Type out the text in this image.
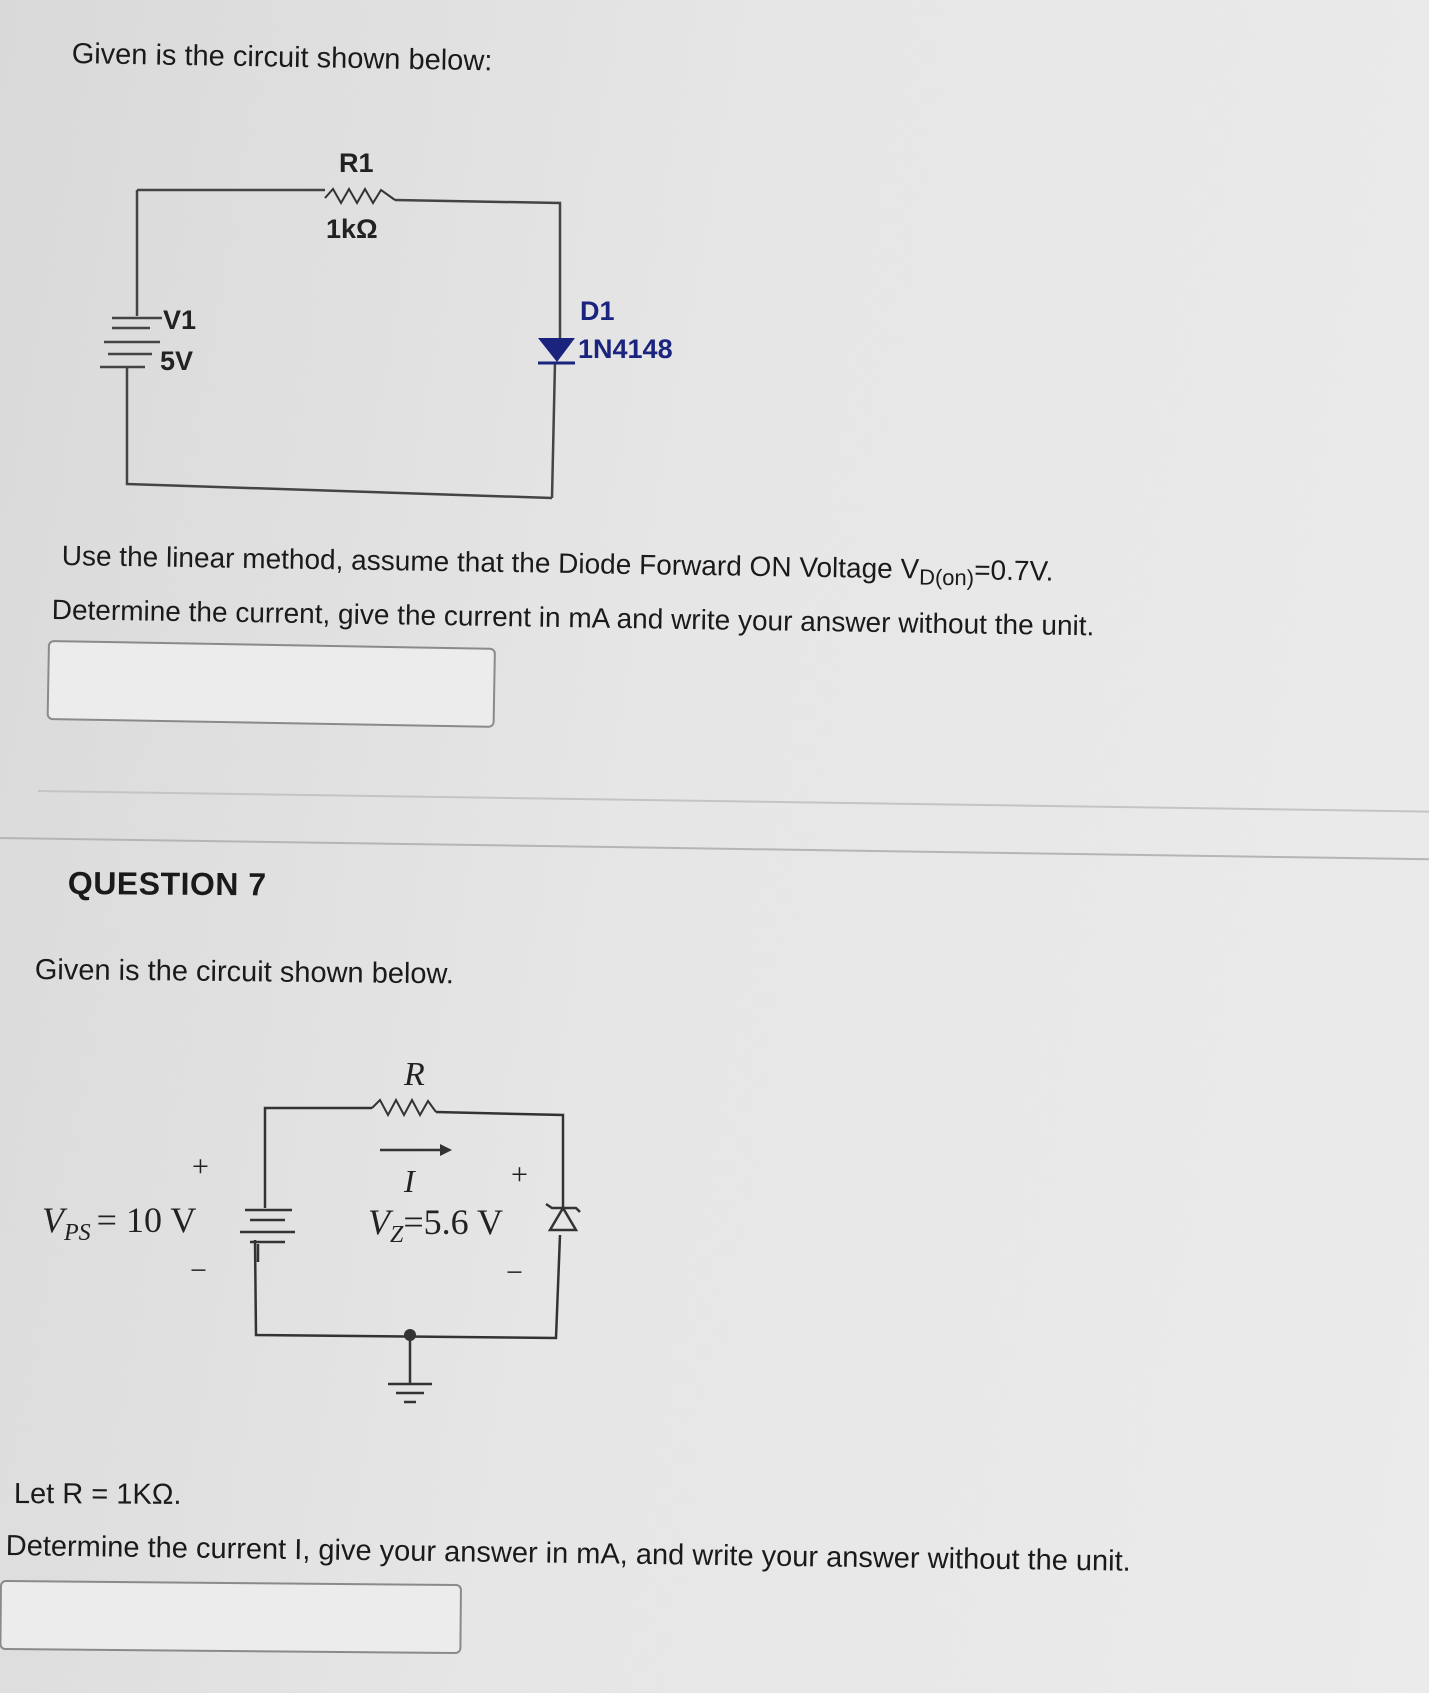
Given is the circuit shown below:
R1
1kΩ
V1
5V
D1
1N4148
Use the linear method, assume that the Diode Forward ON Voltage $V_{D(on)}=0.7V$.
Determine the current, give the current in mA and write your answer without the unit.
QUESTION 7
Given is the circuit shown below.
R
I
+
−
+
−
$V_{PS} = 10$ V	$V_Z=5.6$ V
Let R = 1KΩ.
Determine the current I, give your answer in mA, and write your answer without the unit.
